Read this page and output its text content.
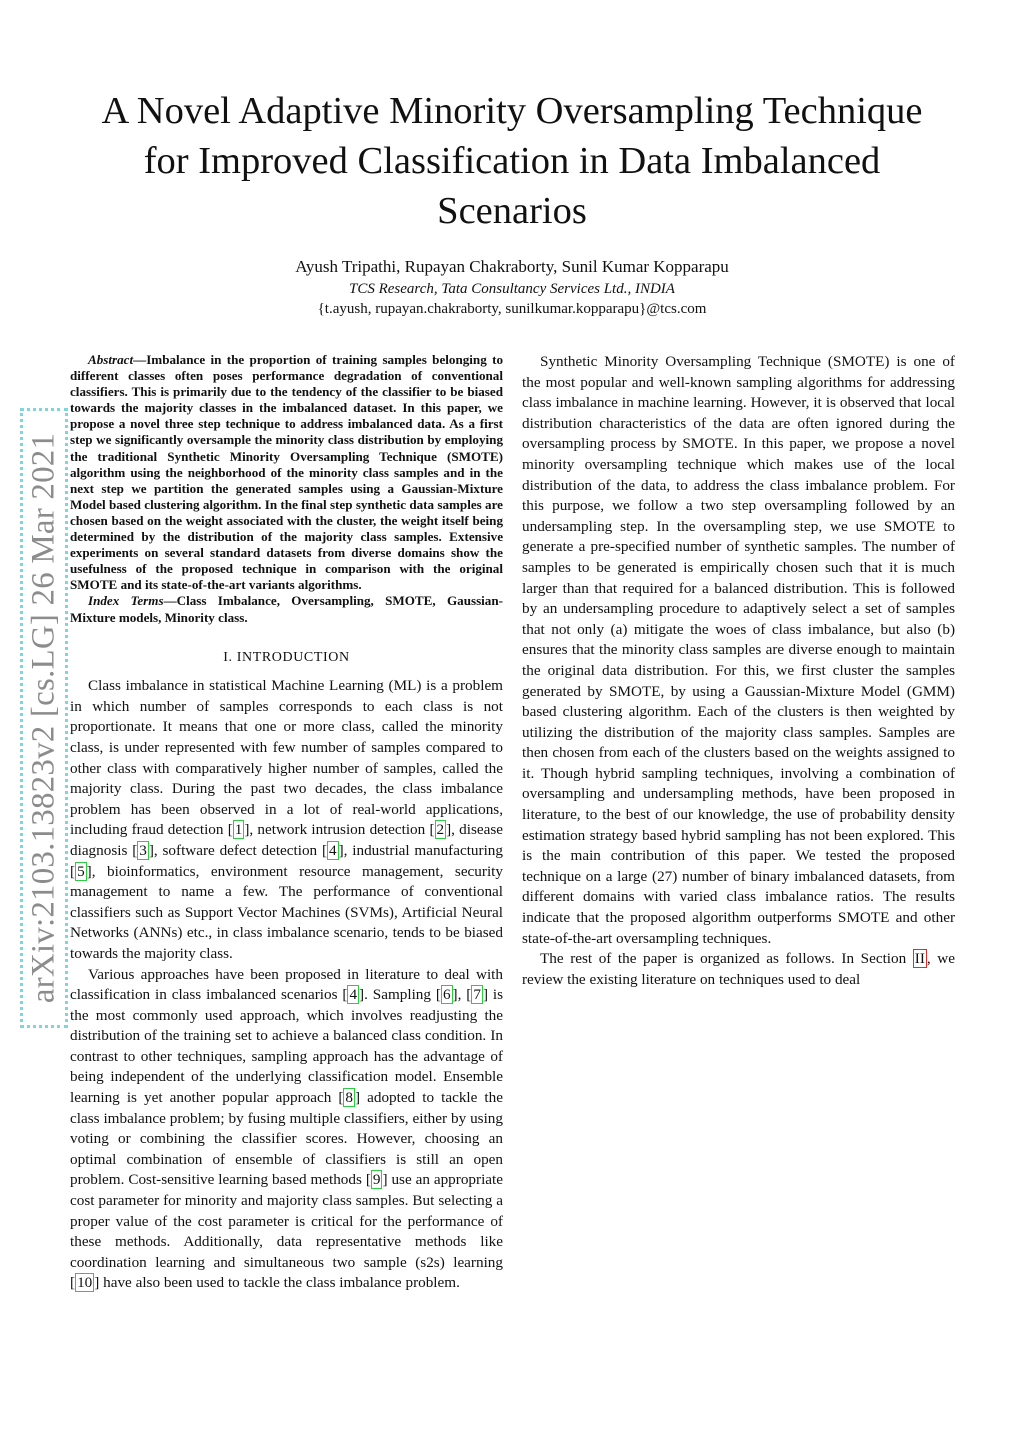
A Novel Adaptive Minority Oversampling Technique for Improved Classification in Data Imbalanced Scenarios
Ayush Tripathi, Rupayan Chakraborty, Sunil Kumar Kopparapu
TCS Research, Tata Consultancy Services Ltd., INDIA
{t.ayush, rupayan.chakraborty, sunilkumar.kopparapu}@tcs.com
arXiv:2103.13823v2 [cs.LG] 26 Mar 2021

Abstract—Imbalance in the proportion of training samples belonging to different classes often poses performance degradation of conventional classifiers. This is primarily due to the tendency of the classifier to be biased towards the majority classes in the imbalanced dataset. In this paper, we propose a novel three step technique to address imbalanced data. As a first step we significantly oversample the minority class distribution by employing the traditional Synthetic Minority Oversampling Technique (SMOTE) algorithm using the neighborhood of the minority class samples and in the next step we partition the generated samples using a Gaussian-Mixture Model based clustering algorithm. In the final step synthetic data samples are chosen based on the weight associated with the cluster, the weight itself being determined by the distribution of the majority class samples. Extensive experiments on several standard datasets from diverse domains show the usefulness of the proposed technique in comparison with the original SMOTE and its state-of-the-art variants algorithms.

Index Terms—Class Imbalance, Oversampling, SMOTE, Gaussian-Mixture models, Minority class.

I. INTRODUCTION

Class imbalance in statistical Machine Learning (ML) is a problem in which number of samples corresponds to each class is not proportionate. It means that one or more class, called the minority class, is under represented with few number of samples compared to other class with comparatively higher number of samples, called the majority class. During the past two decades, the class imbalance problem has been observed in a lot of real-world applications, including fraud detection [ 1 ], network intrusion detection [ 2 ], disease diagnosis [ 3 ], software defect detection [ 4 ], industrial manufacturing [ 5 ], bioinformatics, environment resource management, security management to name a few. The performance of conventional classifiers such as Support Vector Machines (SVMs), Artificial Neural Networks (ANNs) etc., in class imbalance scenario, tends to be biased towards the majority class.

Various approaches have been proposed in literature to deal with classification in class imbalanced scenarios [ 4 ]. Sampling [ 6 ], [ 7 ] is the most commonly used approach, which involves readjusting the distribution of the training set to achieve a balanced class condition. In contrast to other techniques, sampling approach has the advantage of being independent of the underlying classification model. Ensemble learning is yet another popular approach [ 8 ] adopted to tackle the class imbalance problem; by fusing multiple classifiers, either by using voting or combining the classifier scores. However, choosing an optimal combination of ensemble of classifiers is still an open problem. Cost-sensitive learning based methods [ 9 ] use an appropriate cost parameter for minority and majority class samples. But selecting a proper value of the cost parameter is critical for the performance of these methods. Additionally, data representative methods like coordination learning and simultaneous two sample (s2s) learning [ 10 ] have also been used to tackle the class imbalance problem.

Synthetic Minority Oversampling Technique (SMOTE) is one of the most popular and well-known sampling algorithms for addressing class imbalance in machine learning. However, it is observed that local distribution characteristics of the data are often ignored during the oversampling process by SMOTE. In this paper, we propose a novel minority oversampling technique which makes use of the local distribution of the data, to address the class imbalance problem. For this purpose, we follow a two step oversampling followed by an undersampling step. In the oversampling step, we use SMOTE to generate a pre-specified number of synthetic samples. The number of samples to be generated is empirically chosen such that it is much larger than that required for a balanced distribution. This is followed by an undersampling procedure to adaptively select a set of samples that not only (a) mitigate the woes of class imbalance, but also (b) ensures that the minority class samples are diverse enough to maintain the original data distribution. For this, we first cluster the samples generated by SMOTE, by using a Gaussian-Mixture Model (GMM) based clustering algorithm. Each of the clusters is then weighted by utilizing the distribution of the majority class samples. Samples are then chosen from each of the clusters based on the weights assigned to it. Though hybrid sampling techniques, involving a combination of oversampling and undersampling methods, have been proposed in literature, to the best of our knowledge, the use of probability density estimation strategy based hybrid sampling has not been explored. This is the main contribution of this paper. We tested the proposed technique on a large (27) number of binary imbalanced datasets, from different domains with varied class imbalance ratios. The results indicate that the proposed algorithm outperforms SMOTE and other state-of-the-art oversampling techniques.

The rest of the paper is organized as follows. In Section II , we review the existing literature on techniques used to deal
